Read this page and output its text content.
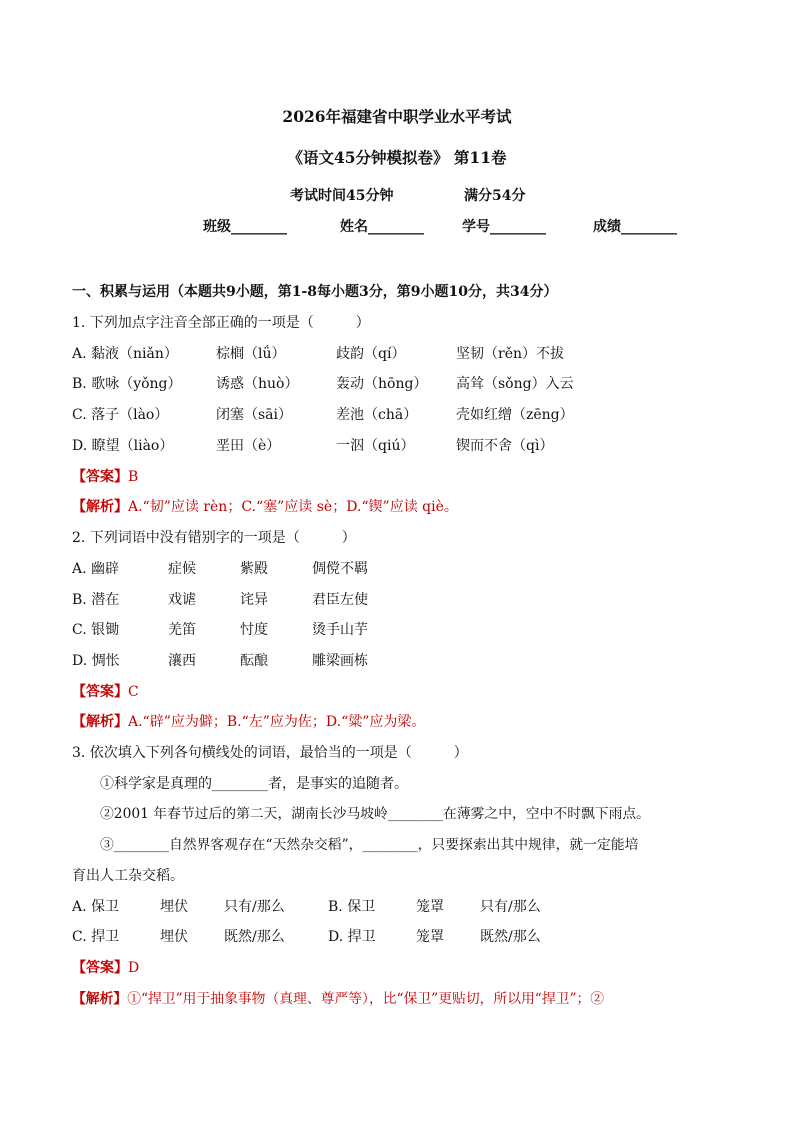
2026年福建省中职学业水平考试
《语文45分钟模拟卷》 第11卷
考试时间45分钟	满分54分
班级________	姓名________	学号________	成绩________
一、积累与运用（本题共9小题，第1-8每小题3分，第9小题10分，共34分）
1. 下列加点字注音全部正确的一项是（　　　）
A. 黏液（niǎn）	棕榈（lǘ）	歧韵（qí）	坚韧（rěn）不拔
B. 歌咏（yǒng） 诱惑（huò）	轰动（hōng） 高耸（sǒng）入云
C. 落子（lào）	闭塞（sāi）	差池（chā）	壳如红缯（zēng）
D. 瞭望（liào）	垩田（è）	一泅（qiú）	锲而不舍（qì）
【答案】B
【解析】A.“韧”应读 rèn；C.“塞”应读 sè；D.“锲”应读 qiè。
2. 下列词语中没有错别字的一项是（　　　）
A. 幽辟	症候	紫殿	倜傥不羁
B. 潜在	戏谑	诧异	君臣左使
C. 银锄	羌笛	忖度	烫手山芋
D. 惆怅	瀼西	酝酿	雕梁画栋
【答案】C
【解析】A.“辟”应为僻；B.“左”应为佐；D.“粱”应为梁。
3. 依次填入下列各句横线处的词语，最恰当的一项是（　　　）
①科学家是真理的________者，是事实的追随者。
②2001 年春节过后的第二天，湖南长沙马坡岭________在薄雾之中，空中不时飘下雨点。
③________自然界客观存在“天然杂交稻”，________，只要探索出其中规律，就一定能培
育出人工杂交稻。
A. 保卫	埋伏	只有/那么	B. 保卫	笼罩	只有/那么
C. 捍卫	埋伏	既然/那么	D. 捍卫	笼罩	既然/那么
【答案】D
【解析】①“捍卫”用于抽象事物（真理、尊严等），比“保卫”更贴切，所以用“捍卫”；②
